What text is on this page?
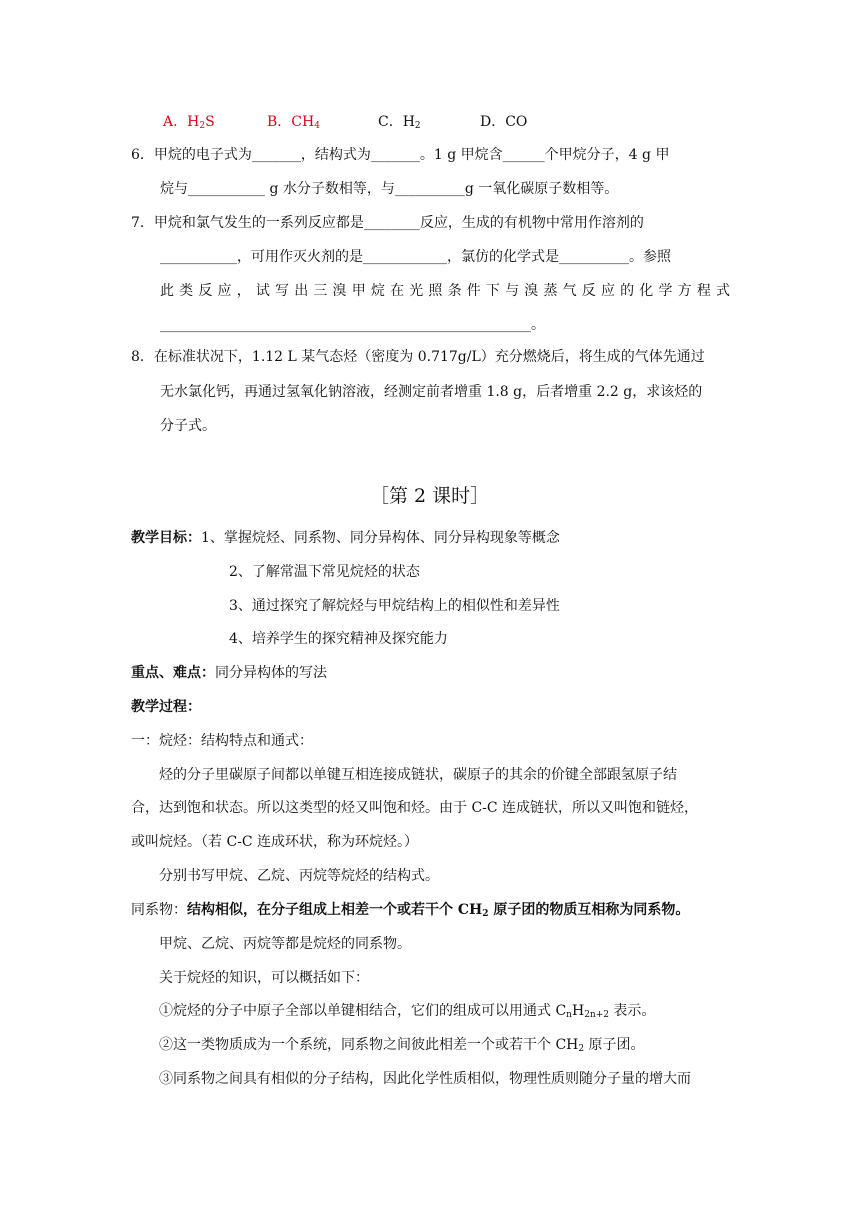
A．$H_2S$	B．$CH_4$	C．$H_2$	D．CO
6．甲烷的电子式为_______，结构式为_______。1 g 甲烷含______个甲烷分子，4 g 甲
烷与___________ g 水分子数相等，与__________g 一氧化碳原子数相等。
7．甲烷和氯气发生的一系列反应都是________反应，生成的有机物中常用作溶剂的
___________，可用作灭火剂的是____________，氯仿的化学式是__________。参照
此 类 反 应 ， 试 写 出 三 溴 甲 烷 在 光 照 条 件 下 与 溴 蒸 气 反 应 的 化 学 方 程 式
_____________________________________________________。
8．在标准状况下，1.12 L 某气态烃（密度为 0.717g/L）充分燃烧后，将生成的气体先通过
无水氯化钙，再通过氢氧化钠溶液，经测定前者增重 1.8 g，后者增重 2.2 g，求该烃的
分子式。
［第 2 课时］
教学目标：1、掌握烷烃、同系物、同分异构体、同分异构现象等概念
2、了解常温下常见烷烃的状态
3、通过探究了解烷烃与甲烷结构上的相似性和差异性
4、培养学生的探究精神及探究能力
重点、难点：同分异构体的写法
教学过程：
一：烷烃：结构特点和通式：
烃的分子里碳原子间都以单键互相连接成链状，碳原子的其余的价键全部跟氢原子结
合，达到饱和状态。所以这类型的烃又叫饱和烃。由于 C-C 连成链状，所以又叫饱和链烃，
或叫烷烃。（若 C-C 连成环状，称为环烷烃。）
分别书写甲烷、乙烷、丙烷等烷烃的结构式。
同系物：结构相似，在分子组成上相差一个或若干个 $CH_2$ 原子团的物质互相称为同系物。
甲烷、乙烷、丙烷等都是烷烃的同系物。
关于烷烃的知识，可以概括如下：
①烷烃的分子中原子全部以单键相结合，它们的组成可以用通式 $C_nH_{2n+2}$ 表示。
②这一类物质成为一个系统，同系物之间彼此相差一个或若干个 $CH_2$ 原子团。
③同系物之间具有相似的分子结构，因此化学性质相似，物理性质则随分子量的增大而
